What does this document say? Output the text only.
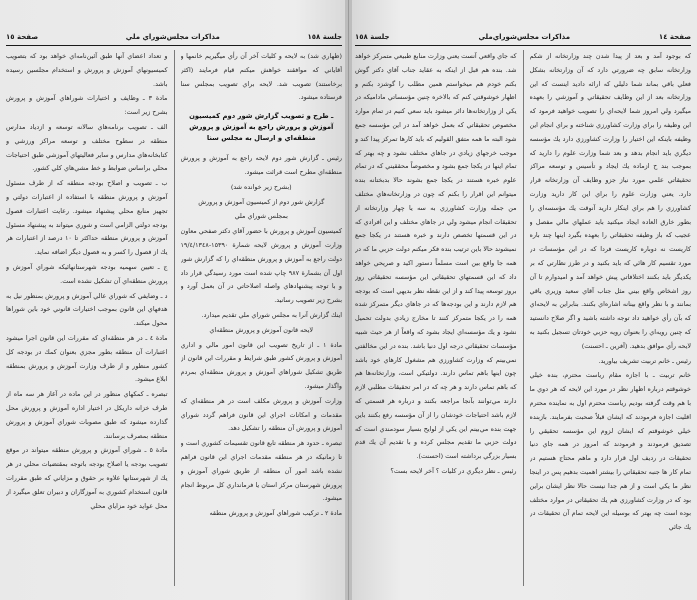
جلسة ١٥٨
مذاكرات مجلس‌شوراي ملي
صفحة ١٥

(ظهاري شد) به لايحه و كليات آخر آن رأي ميگيريم خانمها و آقاياني كه موافقند خواهش ميكنم قيام فرمايند (اكثر برخاستند) تصويب شد. لايحه براي تصويب بمجلس سنا فرستاده ميشود.

ـ طرح و تصويب گزارش شور دوم كميسيون آموزش و پرورش راجع به آموزش و پرورش منطقه‌اي و ارسال به مجلس سنا

رئيس ـ گزارش شور دوم لايحه راجع به آموزش و پرورش منطقه‌اي مطرح است قرائت ميشود.

(بشرح زير خوانده شد)

گزارش شور دوم از كميسيون آموزش و پرورش

بمجلس شوراي ملي

كميسيون آموزش و پرورش با حضور آقاي دكتر صفحي معاون وزارت آموزش و پرورش لايحه شمارة ١٥٣٩٠-١٩/٤/١٣٤٨ دولت راجع به آموزش و پرورش منطقه‌اي را كه گزارش شور اول آن بشمارة ٩٨٧ چاپ شده است مورد رسيدگي قرار داد و با توجه پيشنهادهاي واصله اصلاحاتي در آن بعمل آورد و بشرح زير تصويب رسانيد.

اينك گزارش آنرا به مجلس شوراي ملي تقديم ميدارد.

لايحه قانون آموزش و پرورش منطقه‌اي

مادة ١ ـ از تاريخ تصويب اين قانون امور مالي و اداري آموزش و پرورش كشور طبق شرايط و مقررات اين قانون از طريق تشكيل شوراهاي آموزش و پرورش منطقه‌اي بمردم واگذار ميشود.

وزارت آموزش و پرورش مكلف است در هر منطقه‌اي كه مقدمات و امكانات اجراي اين قانون فراهم گردد شوراي آموزش و پرورش آن منطقه را تشكيل دهد.

تبصره ـ حدود هر منطقه تابع قانون تقسيمات كشوري است و تا زمانيكه در هر منطقه مقدمات اجراي اين قانون فراهم نشده باشد امور آن منطقه از طريق شوراي آموزش و پرورش شهرستان مركز استان يا فرمانداري كل مربوط انجام ميشود.

مادة ٢ ـ تركيب شوراهاي آموزش و پرورش منطقه

و تعداد اعضاي آنها طبق آئين‌نامه‌اي خواهد بود كه بتصويب كميسيونهاي آموزش و پرورش و استخدام مجلسين رسيده باشد.

مادة ٣ ـ وظايف و اختيارات شوراهاي آموزش و پرورش بشرح زير است:

الف ـ تصويب برنامه‌هاي سالانه توسعه و ازدياد مدارس منطقه در سطوح مختلف و توسعه مراكز ورزشي و كتابخانه‌هاي مدارس و ساير فعاليتهاي آموزشي طبق احتياجات محلي براساس ضوابط و خط مشي‌هاي كلي كشور.

ب ـ تصويب و اصلاح بودجه منطقه كه از طرف مسئول آموزش و پرورش منطقه با استفاده از اعتبارات دولتي و تجهيز منابع محلي پيشنهاد ميشود. رعايت اعتبارات فصول بودجه دولتي الزامي است و شوري ميتواند به پيشنهاد مسئول آموزش و پرورش منطقه حداكثر تا ١٠ درصد از اعتبارات هر يك از فصول را كسر و به فصول ديگر اضافه نمايد.

ج ـ تعيين سهميه بودجه شهرستانهائيكه شوراي آموزش و پرورش منطقه‌اي آن تشكيل نشده است.

د ـ وضايفي كه شوراي عالي آموزش و پرورش بمنظور نيل به هدفهاي اين قانون بموجب اختيارات قانوني خود باين شوراها محول ميكند.

مادة ٤ ـ در هر منطقه‌اي كه مقررات اين قانون اجرا ميشود اعتبارات آن منطقه بطور مجزي بعنوان كمك در بودجه كل كشور منظور و از طرف وزارت آموزش و پرورش بمنطقه ابلاغ ميشود.

تبصره ـ كمكهاي منظور در اين ماده در آغاز هر سه ماه از طرف خزانه داريكل در اختيار اداره آموزش و پرورش محل گذارده ميشود كه طبق مصوبات شوراي آموزش و پرورش منطقه بمصرف برسانند.

مادة ٥ ـ شوراي آموزش و پرورش منطقه ميتواند در موقع تصويب بودجه يا اصلاح بودجه باتوجه بمقتضيات محلي در هر يك از شهرستانها علاوه بر حقوق و مزاياني كه طبق مقررات قانون استخدام كشوري به آموزگاران و دبيران تعلق ميگيرد از محل عوايد خود مزاياي محلي

صفحة ١٤
مذاكرات مجلس‌شوراي‌ملي
جلسة ١٥٨

كه بوجود آمد و بعد از پيدا شدن چند وزارتخانه از شكم وزارتخانه سابق چه ضرورتي دارد كه آن وزارتخانه بشكل فعلي باقي بماند شما دليلي كه ارائه داديد اينست كه اين وزارتخانه بعد از اين وظايف تحقيقاتي و آموزشي را بعهده ميگيرد ولي امروز شما لايحه‌اي را تصويب خواهيد فرمود كه اين وظيفه را براي وزارت كشاورزي شناخته و براي انجام اين وظيفه باينكه اين اختيار را وزارت كشاورزي دارد يك مؤسسه ديگري بايد انجام بدهد و بعد شما وزارت علوم را داريد كه بموجب بند ح ازماده يك ايجاد و تأسيس و توسعه مراكز تحقيقاتي علمي مورد نياز جزو وظايف آن وزارتخانه قرار دارد. يعني وزارت علوم را براي اين كار داريد وزارت كشاورزي را هم براي اينكار داريد آنوقت يك مؤسسه‌اي را بطور خارق العاده ايجاد ميكنيد بايد عملهاي مالي مفصل و عجيب كه باز وظيفه تحقيقاتي را بعهده بگيرد اينها چند باره كاريست نه دوباره كاريست فردا كه در اين مؤسسات در مورد تقسيم كار هائي كه بايد بكنيد و در طرز نظارتي كه بر يكديگر بايد بكنند اختلافاتي پيش خواهد آمد و اميدوارم تا آن روز اشخاص واقع بيني مثل جناب آقاي سعيد وزيري باقي بمانند و با نظر واقع بينانه اشاره‌اي بكنند. بنابراين به لايحه‌اي كه بآن رأي خواهيد داد توجه داشته باشيد و اگر صلاح دانستيد كه چنين رويه‌اي را بعنوان رويه حزبي خودتان تسجيل بكنيد به لايحه رأي موافق بدهيد. (آفرين ـ احسنت)

رئيس ـ خانم تربيت تشريف بياوريد.

خانم تربيت ـ با اجازه مقام رياست محترم، بنده خيلي خوشوقتم درباره اظهار نظر در مورد اين لايحه كه هر دوي ما با هم وقت گرفته بوديم رياست محترم اول به نماينده محترم اقليت اجازه فرمودند كه ايشان قبلاً صحبت بفرمايند. بازبنده خيلي خوشوقتم كه ايشان لزوم اين مؤسسه تحقيقي را تصديق فرمودند و فرمودند كه امروز در همه جاي دنيا تحقيقات در رديف اول قرار دارد و ماهم محتاج هستيم در تمام كار ها جنبه تحقيقاتي را بيشتر اهميت بدهيم پس در اينجا نظر ما يكي است و از هم جدا نيست حالا نظر ايشان براين بود كه در وزارت كشاورزي هم يك تحقيقاتي در موارد مختلف بوده است چه بهتر كه بوسيله اين لايحه تمام آن تحقيقات در يك جائي

كه جاي واقعي آنست يعني وزارت منابع طبيعي متمركز خواهد شد. بنده هم قبل از اينكه به عقايد جناب آقاي دكتر گوش بكنم خودم هم ميخواستم همين مطلب را گوشزد بكنم و اظهار خوشوقتي كنم كه بالاخره چنين مؤسساتي ماداميكه در يكي از وزارتخانه‌ها دائر ميشود بايد سعي كنيم در تمام موارد مخصوص تحقيقاتي كه بعمل خواهد آمد در اين مؤسسه جمع شود البته ما همه متفق القوليم كه بايد كارها تمركز پيدا كند و موجب خرجهاي زيادي در جاهاي مختلف نشود و چه بهتر كه تمام اينها در يكجا جمع بشود و مخصوصاً محققيني كه در تمام علوم خبره هستند در يكجا جمع بشوند حالا بدبختانه بنده ميتوانم اين اقرار را بكنم كه چون در وزارتخانه‌هاي مختلف من جمله وزارت كشاورزي به سه يا چهار وزارتخانه از تحقيقات انجام ميشود ولي در جاهاي مختلف و اين افرادي كه در اين قسمتها تخصص دارند و خبره هستند در يكجا جمع نميشوند حالا باين ترتيب بنده فكر ميكنم دولت حزبي ما كه در همه جا واقع بين است مسلماً دستور اكيد و صريحي خواهد داد كه اين قسمتهاي تحقيقاتي اين مؤسسه تحقيقاتي روز بروز توسعه پيدا كند و از اين نقطه نظر بديهي است كه بودجه هم لازم دارند و اين بودجه‌ها كه در جاهاي ديگر متمركز شده همه را در يكجا متمركز كنند تا مخارج زيادي بدولت تحميل نشود و يك مؤسسه‌اي ايجاد بشود كه واقعاً از هر حيث شبيه مؤسسات تحقيقاتي درجه اول دنيا باشد. بنده در اين مخالفتي نمي‌بينم كه وزارت كشاورزي هم مشغول كارهاي خود باشد چون اينها باهم تماس دارند. دولتيكي است، وزارتخانه‌ها هم كه باهم تماس دارند و هر چه كه در امر تحقيقات مطلبي لازم دارند مي‌توانند بآنجا مراجعه بكنند و درباره هر قسمتي كه لازم باشد احتياجات خودشان را از آن مؤسسه رفع بكنند باين جهت بنده مي‌بينم اين يكي از لوايح بسيار سودمندي است كه دولت حزبي ما تقديم مجلس كرده و با تقديم آن يك قدم بسيار بزرگي برداشته است (احسنت).

رئيس ـ نظر ديگري در كليات ؟ آخر لايحه بست؟
